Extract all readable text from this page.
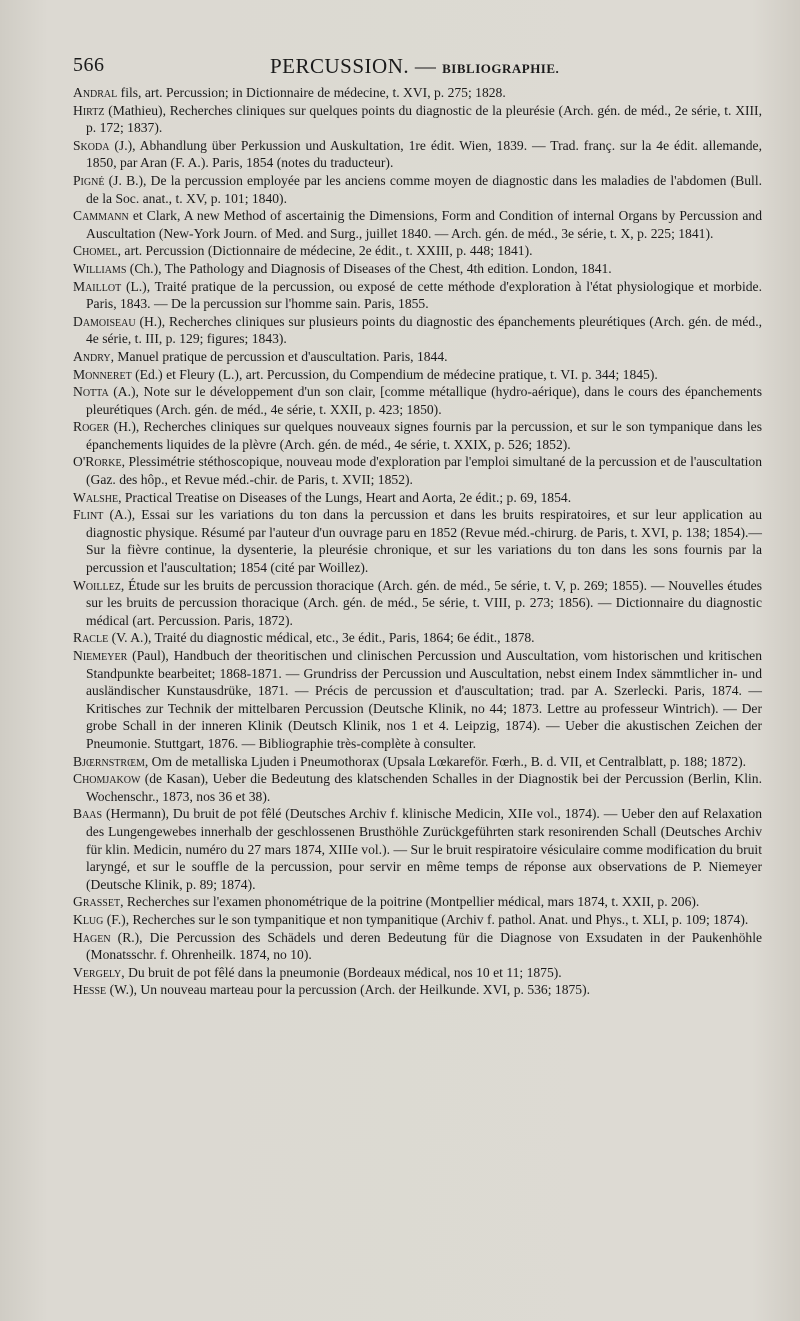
566	PERCUSSION. — BIBLIOGRAPHIE.

Andral fils, art. Percussion; in Dictionnaire de médecine, t. XVI, p. 275; 1828.

Hirtz (Mathieu), Recherches cliniques sur quelques points du diagnostic de la pleurésie (Arch. gén. de méd., 2e série, t. XIII, p. 172; 1837).

Skoda (J.), Abhandlung über Perkussion und Auskultation, 1re édit. Wien, 1839. — Trad. franç. sur la 4e édit. allemande, 1850, par Aran (F. A.). Paris, 1854 (notes du traducteur).

Pigné (J. B.), De la percussion employée par les anciens comme moyen de diagnostic dans les maladies de l'abdomen (Bull. de la Soc. anat., t. XV, p. 101; 1840).

Cammann et Clark, A new Method of ascertainig the Dimensions, Form and Condition of internal Organs by Percussion and Auscultation (New-York Journ. of Med. and Surg., juillet 1840. — Arch. gén. de méd., 3e série, t. X, p. 225; 1841).

Chomel, art. Percussion (Dictionnaire de médecine, 2e édit., t. XXIII, p. 448; 1841).

Williams (Ch.), The Pathology and Diagnosis of Diseases of the Chest, 4th edition. London, 1841.

Maillot (L.), Traité pratique de la percussion, ou exposé de cette méthode d'exploration à l'état physiologique et morbide. Paris, 1843. — De la percussion sur l'homme sain. Paris, 1855.

Damoiseau (H.), Recherches cliniques sur plusieurs points du diagnostic des épanchements pleurétiques (Arch. gén. de méd., 4e série, t. III, p. 129; figures; 1843).

Andry, Manuel pratique de percussion et d'auscultation. Paris, 1844.

Monneret (Ed.) et Fleury (L.), art. Percussion, du Compendium de médecine pratique, t. VI. p. 344; 1845).

Notta (A.), Note sur le développement d'un son clair, [comme métallique (hydro-aérique), dans le cours des épanchements pleurétiques (Arch. gén. de méd., 4e série, t. XXII, p. 423; 1850).

Roger (H.), Recherches cliniques sur quelques nouveaux signes fournis par la percussion, et sur le son tympanique dans les épanchements liquides de la plèvre (Arch. gén. de méd., 4e série, t. XXIX, p. 526; 1852).

O'Rorke, Plessimétrie stéthoscopique, nouveau mode d'exploration par l'emploi simultané de la percussion et de l'auscultation (Gaz. des hôp., et Revue méd.-chir. de Paris, t. XVII; 1852).

Walshe, Practical Treatise on Diseases of the Lungs, Heart and Aorta, 2e édit.; p. 69, 1854.

Flint (A.), Essai sur les variations du ton dans la percussion et dans les bruits respiratoires, et sur leur application au diagnostic physique. Résumé par l'auteur d'un ouvrage paru en 1852 (Revue méd.-chirurg. de Paris, t. XVI, p. 138; 1854).—Sur la fièvre continue, la dysenterie, la pleurésie chronique, et sur les variations du ton dans les sons fournis par la percussion et l'auscultation; 1854 (cité par Woillez).

Woillez, Étude sur les bruits de percussion thoracique (Arch. gén. de méd., 5e série, t. V, p. 269; 1855). — Nouvelles études sur les bruits de percussion thoracique (Arch. gén. de méd., 5e série, t. VIII, p. 273; 1856). — Dictionnaire du diagnostic médical (art. Percussion. Paris, 1872).

Racle (V. A.), Traité du diagnostic médical, etc., 3e édit., Paris, 1864; 6e édit., 1878.

Niemeyer (Paul), Handbuch der theoritischen und clinischen Percussion und Auscultation, vom historischen und kritischen Standpunkte bearbeitet; 1868-1871. — Grundriss der Percussion und Auscultation, nebst einem Index sämmtlicher in- und ausländischer Kunstausdrüke, 1871. — Précis de percussion et d'auscultation; trad. par A. Szerlecki. Paris, 1874. — Kritisches zur Technik der mittelbaren Percussion (Deutsche Klinik, no 44; 1873. Lettre au professeur Wintrich). — Der grobe Schall in der inneren Klinik (Deutsch Klinik, nos 1 et 4. Leipzig, 1874). — Ueber die akustischen Zeichen der Pneumonie. Stuttgart, 1876. — Bibliographie très-complète à consulter.

Bjœrnstrœm, Om de metalliska Ljuden i Pneumothorax (Upsala Lœkareför. Fœrh., B. d. VII, et Centralblatt, p. 188; 1872).

Chomjakow (de Kasan), Ueber die Bedeutung des klatschenden Schalles in der Diagnostik bei der Percussion (Berlin, Klin. Wochenschr., 1873, nos 36 et 38).

Baas (Hermann), Du bruit de pot fêlé (Deutsches Archiv f. klinische Medicin, XIIe vol., 1874). — Ueber den auf Relaxation des Lungengewebes innerhalb der geschlossenen Brusthöhle Zurückgeführten stark resonirenden Schall (Deutsches Archiv für klin. Medicin, numéro du 27 mars 1874, XIIIe vol.). — Sur le bruit respiratoire vésiculaire comme modification du bruit laryngé, et sur le souffle de la percussion, pour servir en même temps de réponse aux observations de P. Niemeyer (Deutsche Klinik, p. 89; 1874).

Grasset, Recherches sur l'examen phonométrique de la poitrine (Montpellier médical, mars 1874, t. XXII, p. 206).

Klug (F.), Recherches sur le son tympanitique et non tympanitique (Archiv f. pathol. Anat. und Phys., t. XLI, p. 109; 1874).

Hagen (R.), Die Percussion des Schädels und deren Bedeutung für die Diagnose von Exsudaten in der Paukenhöhle (Monatsschr. f. Ohrenheilk. 1874, no 10).

Vergely, Du bruit de pot fêlé dans la pneumonie (Bordeaux médical, nos 10 et 11; 1875).

Hesse (W.), Un nouveau marteau pour la percussion (Arch. der Heilkunde. XVI, p. 536; 1875).
